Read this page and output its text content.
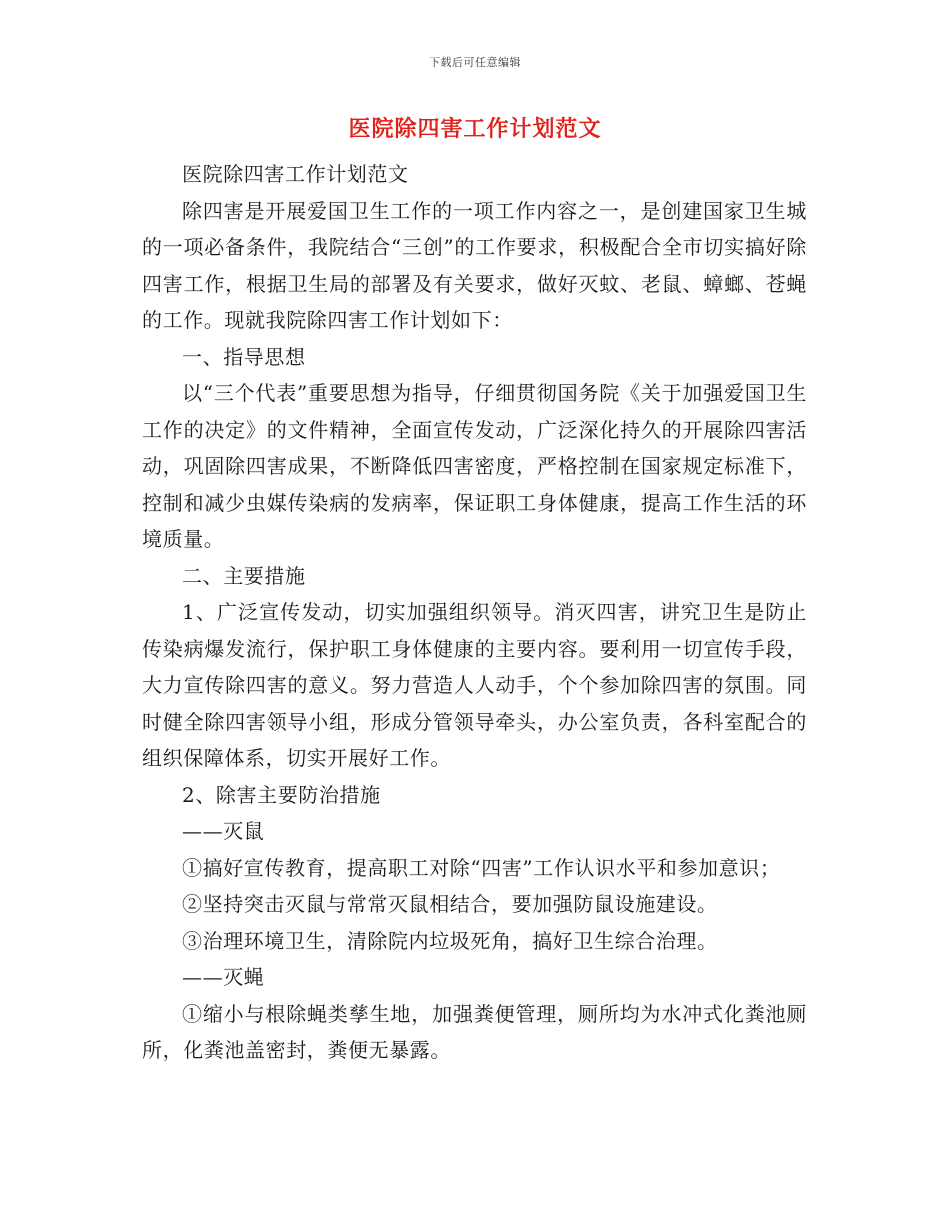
下载后可任意编辑
医院除四害工作计划范文

医院除四害工作计划范文

除四害是开展爱国卫生工作的一项工作内容之一，是创建国家卫生城的一项必备条件，我院结合“三创”的工作要求，积极配合全市切实搞好除四害工作，根据卫生局的部署及有关要求，做好灭蚊、老鼠、蟑螂、苍蝇的工作。现就我院除四害工作计划如下：

一、指导思想

以“三个代表”重要思想为指导，仔细贯彻国务院《关于加强爱国卫生工作的决定》的文件精神，全面宣传发动，广泛深化持久的开展除四害活动，巩固除四害成果，不断降低四害密度，严格控制在国家规定标准下，控制和减少虫媒传染病的发病率，保证职工身体健康，提高工作生活的环境质量。

二、主要措施

1、广泛宣传发动，切实加强组织领导。消灭四害，讲究卫生是防止传染病爆发流行，保护职工身体健康的主要内容。要利用一切宣传手段，大力宣传除四害的意义。努力营造人人动手，个个参加除四害的氛围。同时健全除四害领导小组，形成分管领导牵头，办公室负责，各科室配合的组织保障体系，切实开展好工作。

2、除害主要防治措施

——灭鼠

①搞好宣传教育，提高职工对除“四害”工作认识水平和参加意识；

②坚持突击灭鼠与常常灭鼠相结合，要加强防鼠设施建设。

③治理环境卫生，清除院内垃圾死角，搞好卫生综合治理。

——灭蝇

①缩小与根除蝇类孳生地，加强粪便管理，厕所均为水冲式化粪池厕所，化粪池盖密封，粪便无暴露。
